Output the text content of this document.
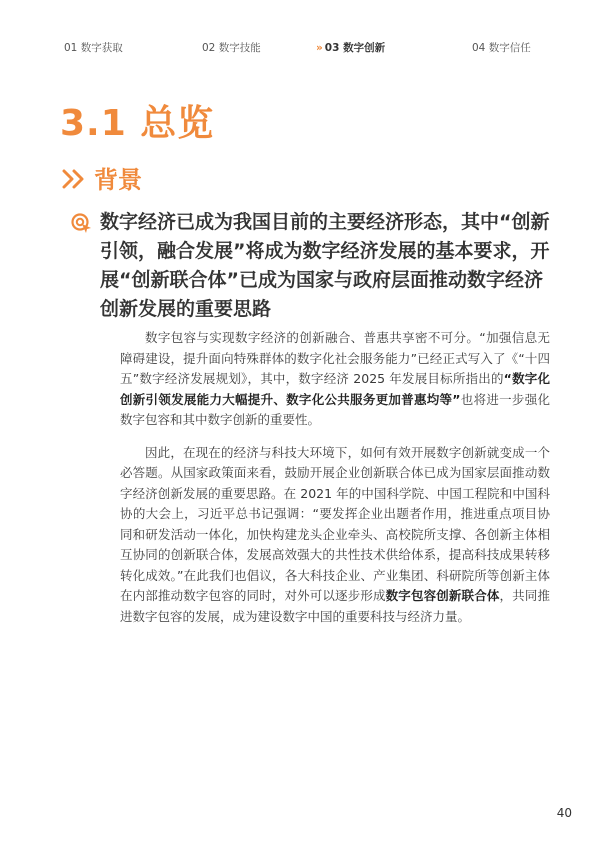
01 数字获取	02 数字技能	» 03 数字创新	04 数字信任
3.1 总览
背景
数字经济已成为我国目前的主要经济形态，其中“创新引领，融合发展”将成为数字经济发展的基本要求，开展“创新联合体”已成为国家与政府层面推动数字经济创新发展的重要思路

数字包容与实现数字经济的创新融合、普惠共享密不可分。“加强信息无障碍建设，提升面向特殊群体的数字化社会服务能力”已经正式写入了《“十四五”数字经济发展规划》，其中，数字经济 2025 年发展目标所指出的“数字化创新引领发展能力大幅提升、数字化公共服务更加普惠均等”也将进一步强化数字包容和其中数字创新的重要性。

因此，在现在的经济与科技大环境下，如何有效开展数字创新就变成一个必答题。从国家政策面来看，鼓励开展企业创新联合体已成为国家层面推动数字经济创新发展的重要思路。在 2021 年的中国科学院、中国工程院和中国科协的大会上，习近平总书记强调：“要发挥企业出题者作用，推进重点项目协同和研发活动一体化，加快构建龙头企业牵头、高校院所支撑、各创新主体相互协同的创新联合体，发展高效强大的共性技术供给体系，提高科技成果转移转化成效。”在此我们也倡议，各大科技企业、产业集团、科研院所等创新主体在内部推动数字包容的同时，对外可以逐步形成数字包容创新联合体，共同推进数字包容的发展，成为建设数字中国的重要科技与经济力量。

40
